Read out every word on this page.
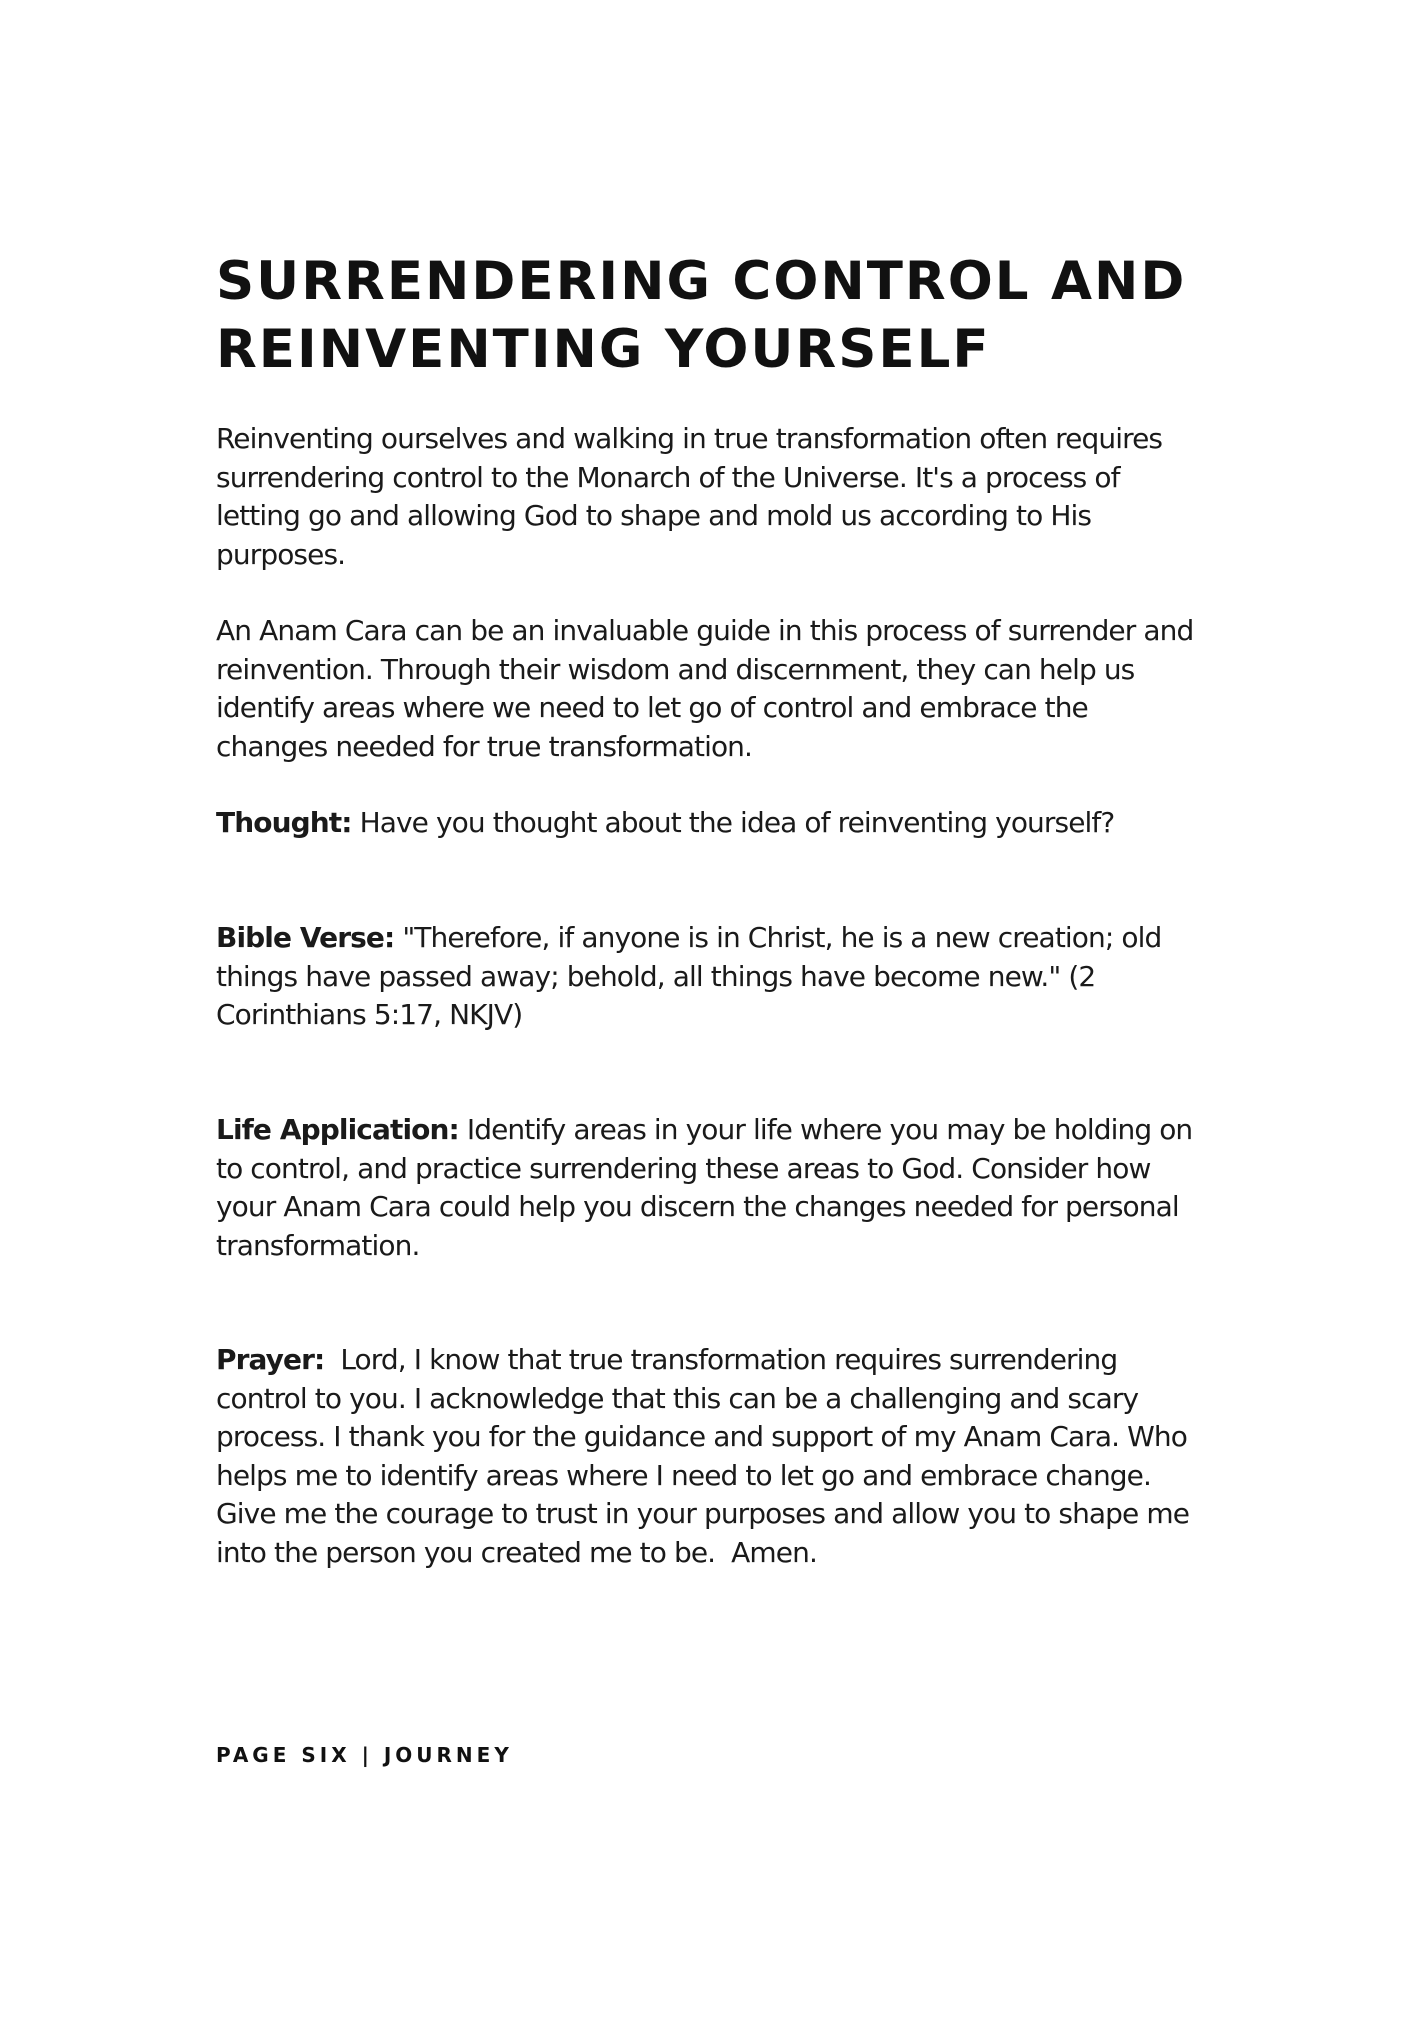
SURRENDERING CONTROL AND
REINVENTING YOURSELF

Reinventing ourselves and walking in true transformation often requires
surrendering control to the Monarch of the Universe. It's a process of
letting go and allowing God to shape and mold us according to His
purposes.

An Anam Cara can be an invaluable guide in this process of surrender and
reinvention. Through their wisdom and discernment, they can help us
identify areas where we need to let go of control and embrace the
changes needed for true transformation.

Thought: Have you thought about the idea of reinventing yourself?

Bible Verse: "Therefore, if anyone is in Christ, he is a new creation; old
things have passed away; behold, all things have become new." (2
Corinthians 5:17, NKJV)

Life Application: Identify areas in your life where you may be holding on
to control, and practice surrendering these areas to God. Consider how
your Anam Cara could help you discern the changes needed for personal
transformation.

Prayer:  Lord, I know that true transformation requires surrendering
control to you. I acknowledge that this can be a challenging and scary
process. I thank you for the guidance and support of my Anam Cara. Who
helps me to identify areas where I need to let go and embrace change.
Give me the courage to trust in your purposes and allow you to shape me
into the person you created me to be.  Amen.

PAGE SIX | JOURNEY
